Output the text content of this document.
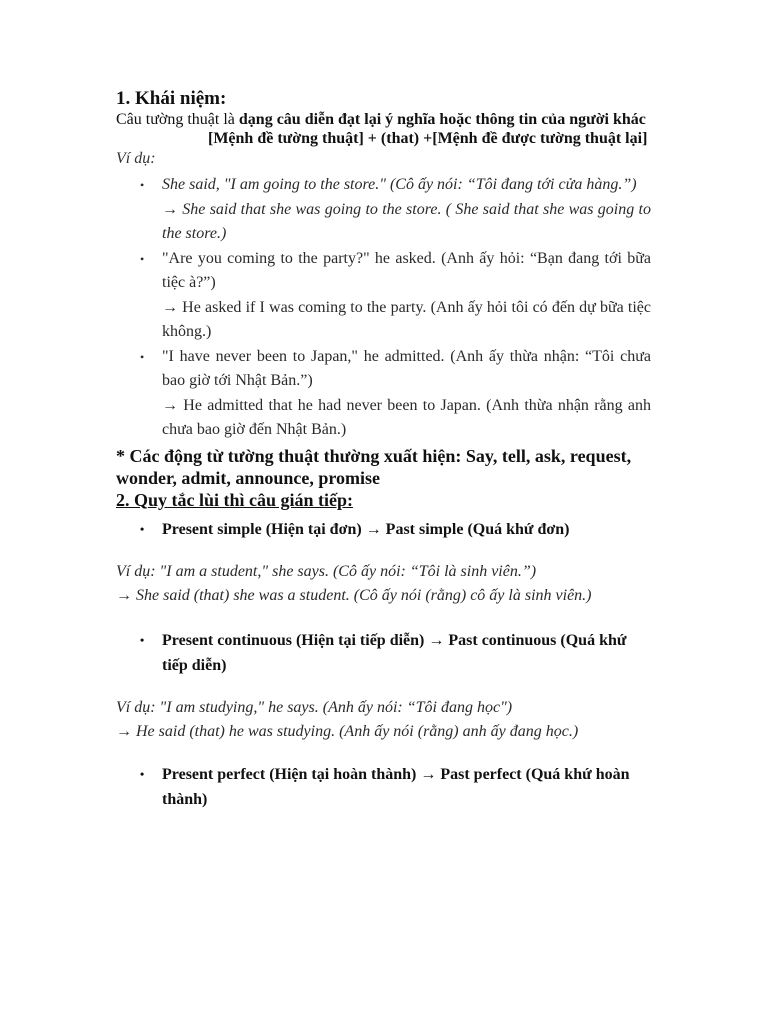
1. Khái niệm:

Câu tường thuật là dạng câu diễn đạt lại ý nghĩa hoặc thông tin của người khác

[Mệnh đề tường thuật] + (that) +[Mệnh đề được tường thuật lại]

Ví dụ:

• She said, "I am going to the store." (Cô ấy nói: “Tôi đang tới cửa hàng.”)
→ She said that she was going to the store. ( She said that she was going to the store.)
• "Are you coming to the party?" he asked. (Anh ấy hỏi: “Bạn đang tới bữa tiệc à?”)
→ He asked if I was coming to the party. (Anh ấy hỏi tôi có đến dự bữa tiệc không.)
• "I have never been to Japan," he admitted. (Anh ấy thừa nhận: “Tôi chưa bao giờ tới Nhật Bản.”)
→ He admitted that he had never been to Japan. (Anh thừa nhận rằng anh chưa bao giờ đến Nhật Bản.)

* Các động từ tường thuật thường xuất hiện: Say, tell, ask, request, wonder, admit, announce, promise

2. Quy tắc lùi thì câu gián tiếp:

• Present simple (Hiện tại đơn) → Past simple (Quá khứ đơn)

Ví dụ: "I am a student," she says. (Cô ấy nói: “Tôi là sinh viên.”)

→ She said (that) she was a student. (Cô ấy nói (rằng) cô ấy là sinh viên.)

• Present continuous (Hiện tại tiếp diễn) → Past continuous (Quá khứ tiếp diễn)

Ví dụ: "I am studying," he says. (Anh ấy nói: “Tôi đang học")

→ He said (that) he was studying. (Anh ấy nói (rằng) anh ấy đang học.)

• Present perfect (Hiện tại hoàn thành) → Past perfect (Quá khứ hoàn thành)
